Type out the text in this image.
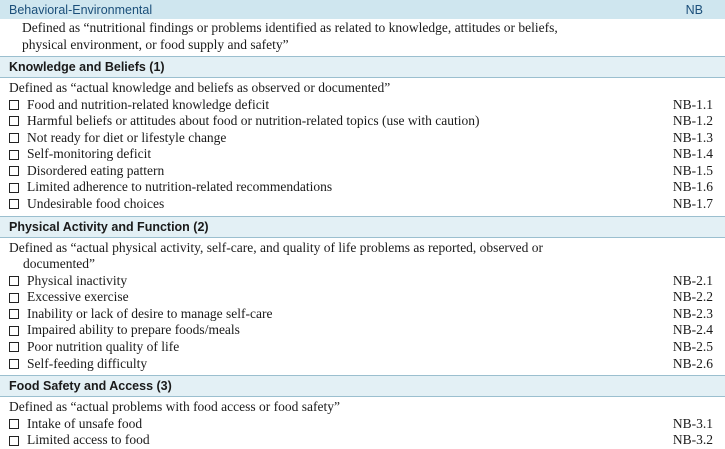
Behavioral-Environmental	NB
Defined as “nutritional findings or problems identified as related to knowledge, attitudes or beliefs,
physical environment, or food supply and safety”
Knowledge and Beliefs (1)
Defined as “actual knowledge and beliefs as observed or documented”
Food and nutrition-related knowledge deficit	NB-1.1
Harmful beliefs or attitudes about food or nutrition-related topics (use with caution)	NB-1.2
Not ready for diet or lifestyle change	NB-1.3
Self-monitoring deficit	NB-1.4
Disordered eating pattern	NB-1.5
Limited adherence to nutrition-related recommendations	NB-1.6
Undesirable food choices	NB-1.7
Physical Activity and Function (2)
Defined as “actual physical activity, self-care, and quality of life problems as reported, observed or
documented”
Physical inactivity	NB-2.1
Excessive exercise	NB-2.2
Inability or lack of desire to manage self-care	NB-2.3
Impaired ability to prepare foods/meals	NB-2.4
Poor nutrition quality of life	NB-2.5
Self-feeding difficulty	NB-2.6
Food Safety and Access (3)
Defined as “actual problems with food access or food safety”
Intake of unsafe food	NB-3.1
Limited access to food	NB-3.2
